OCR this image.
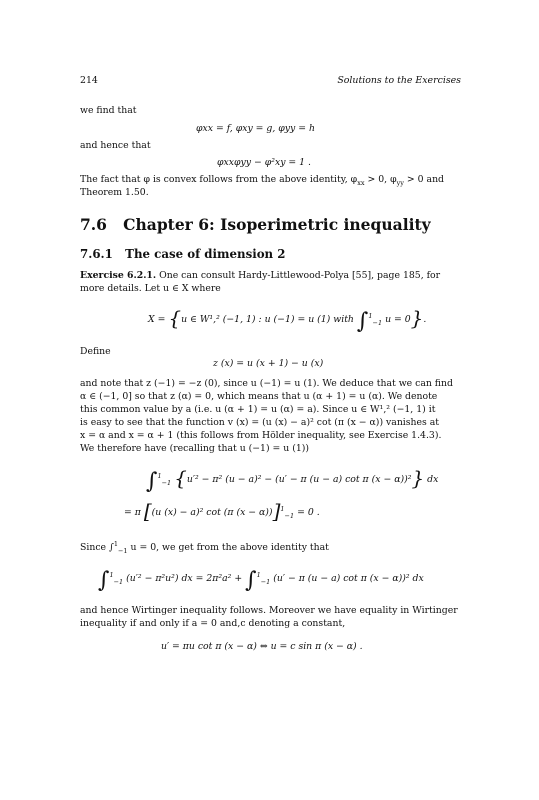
214	Solutions to the Exercises
we find that
φxx = f, φxy = g, φyy = h
and hence that
φxxφyy − φ²xy = 1 .
The fact that φ is convex follows from the above identity, $\varphi_{xx} > 0$, $\varphi_{yy} > 0$ and
Theorem 1.50.
7.6 Chapter 6: Isoperimetric inequality
7.6.1 The case of dimension 2
Exercise 6.2.1. One can consult Hardy-Littlewood-Polya [55], page 185, for
more details. Let u ∈ X where
X = {u ∈ W¹,² (−1, 1) : u (−1) = u (1) with ∫$^1_{-1}$ u = 0}.
Define
z (x) = u (x + 1) − u (x)
and note that z (−1) = −z (0), since u (−1) = u (1). We deduce that we can find
α ∈ (−1, 0] so that z (α) = 0, which means that u (α + 1) = u (α). We denote
this common value by a (i.e. u (α + 1) = u (α) = a). Since u ∈ W¹,² (−1, 1) it
is easy to see that the function v (x) = (u (x) − a)² cot (π (x − α)) vanishes at
x = α and x = α + 1 (this follows from Hölder inequality, see Exercise 1.4.3).
We therefore have (recalling that u (−1) = u (1))
∫$^1_{-1}$ {u′² − π² (u − a)² − (u′ − π (u − a) cot π (x − α))²} dx
= π [(u (x) − a)² cot (π (x − α))]$^1_{-1}$ = 0 .
Since ∫$^1_{-1}$ u = 0, we get from the above identity that
∫$^1_{-1}$ (u′² − π²u²) dx = 2π²a² + ∫$^1_{-1}$ (u′ − π (u − a) cot π (x − α))² dx
and hence Wirtinger inequality follows. Moreover we have equality in Wirtinger
inequality if and only if a = 0 and,c denoting a constant,
u′ = πu cot π (x − α) ⇔ u = c sin π (x − α) .
